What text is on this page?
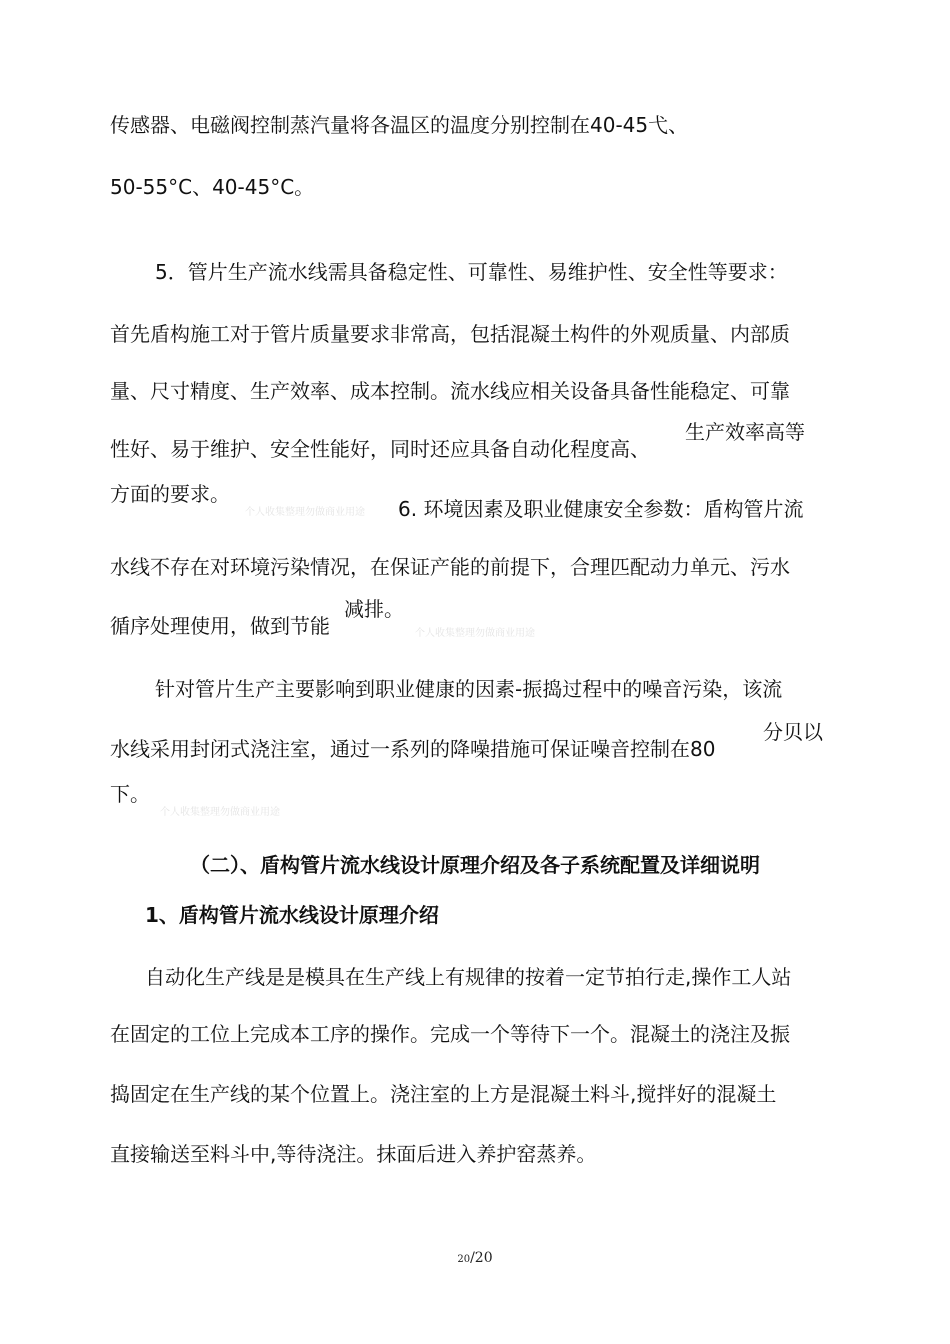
传感器、电磁阀控制蒸汽量将各温区的温度分别控制在40-45弋、
50-55°C、40-45°C。
5．管片生产流水线需具备稳定性、可靠性、易维护性、安全性等要求：
首先盾构施工对于管片质量要求非常高，包括混凝土构件的外观质量、内部质
量、尺寸精度、生产效率、成本控制。流水线应相关设备具备性能稳定、可靠
性好、易于维护、安全性能好，同时还应具备自动化程度高、
生产效率高等
方面的要求。
个人收集整理勿做商业用途 6. 环境因素及职业健康安全参数：盾构管片流
水线不存在对环境污染情况，在保证产能的前提下，合理匹配动力单元、污水
循序处理使用，做到节能
减排。
个人收集整理勿做商业用途
针对管片生产主要影响到职业健康的因素-振捣过程中的噪音污染，该流
水线采用封闭式浇注室，通过一系列的降噪措施可保证噪音控制在80
分贝以
下。
个人收集整理勿做商业用途
（二）、盾构管片流水线设计原理介绍及各子系统配置及详细说明
1、盾构管片流水线设计原理介绍
自动化生产线是是模具在生产线上有规律的按着一定节拍行走,操作工人站
在固定的工位上完成本工序的操作。完成一个等待下一个。混凝土的浇注及振
捣固定在生产线的某个位置上。浇注室的上方是混凝土料斗,搅拌好的混凝土
直接输送至料斗中,等待浇注。抹面后进入养护窑蒸养。
20/20
